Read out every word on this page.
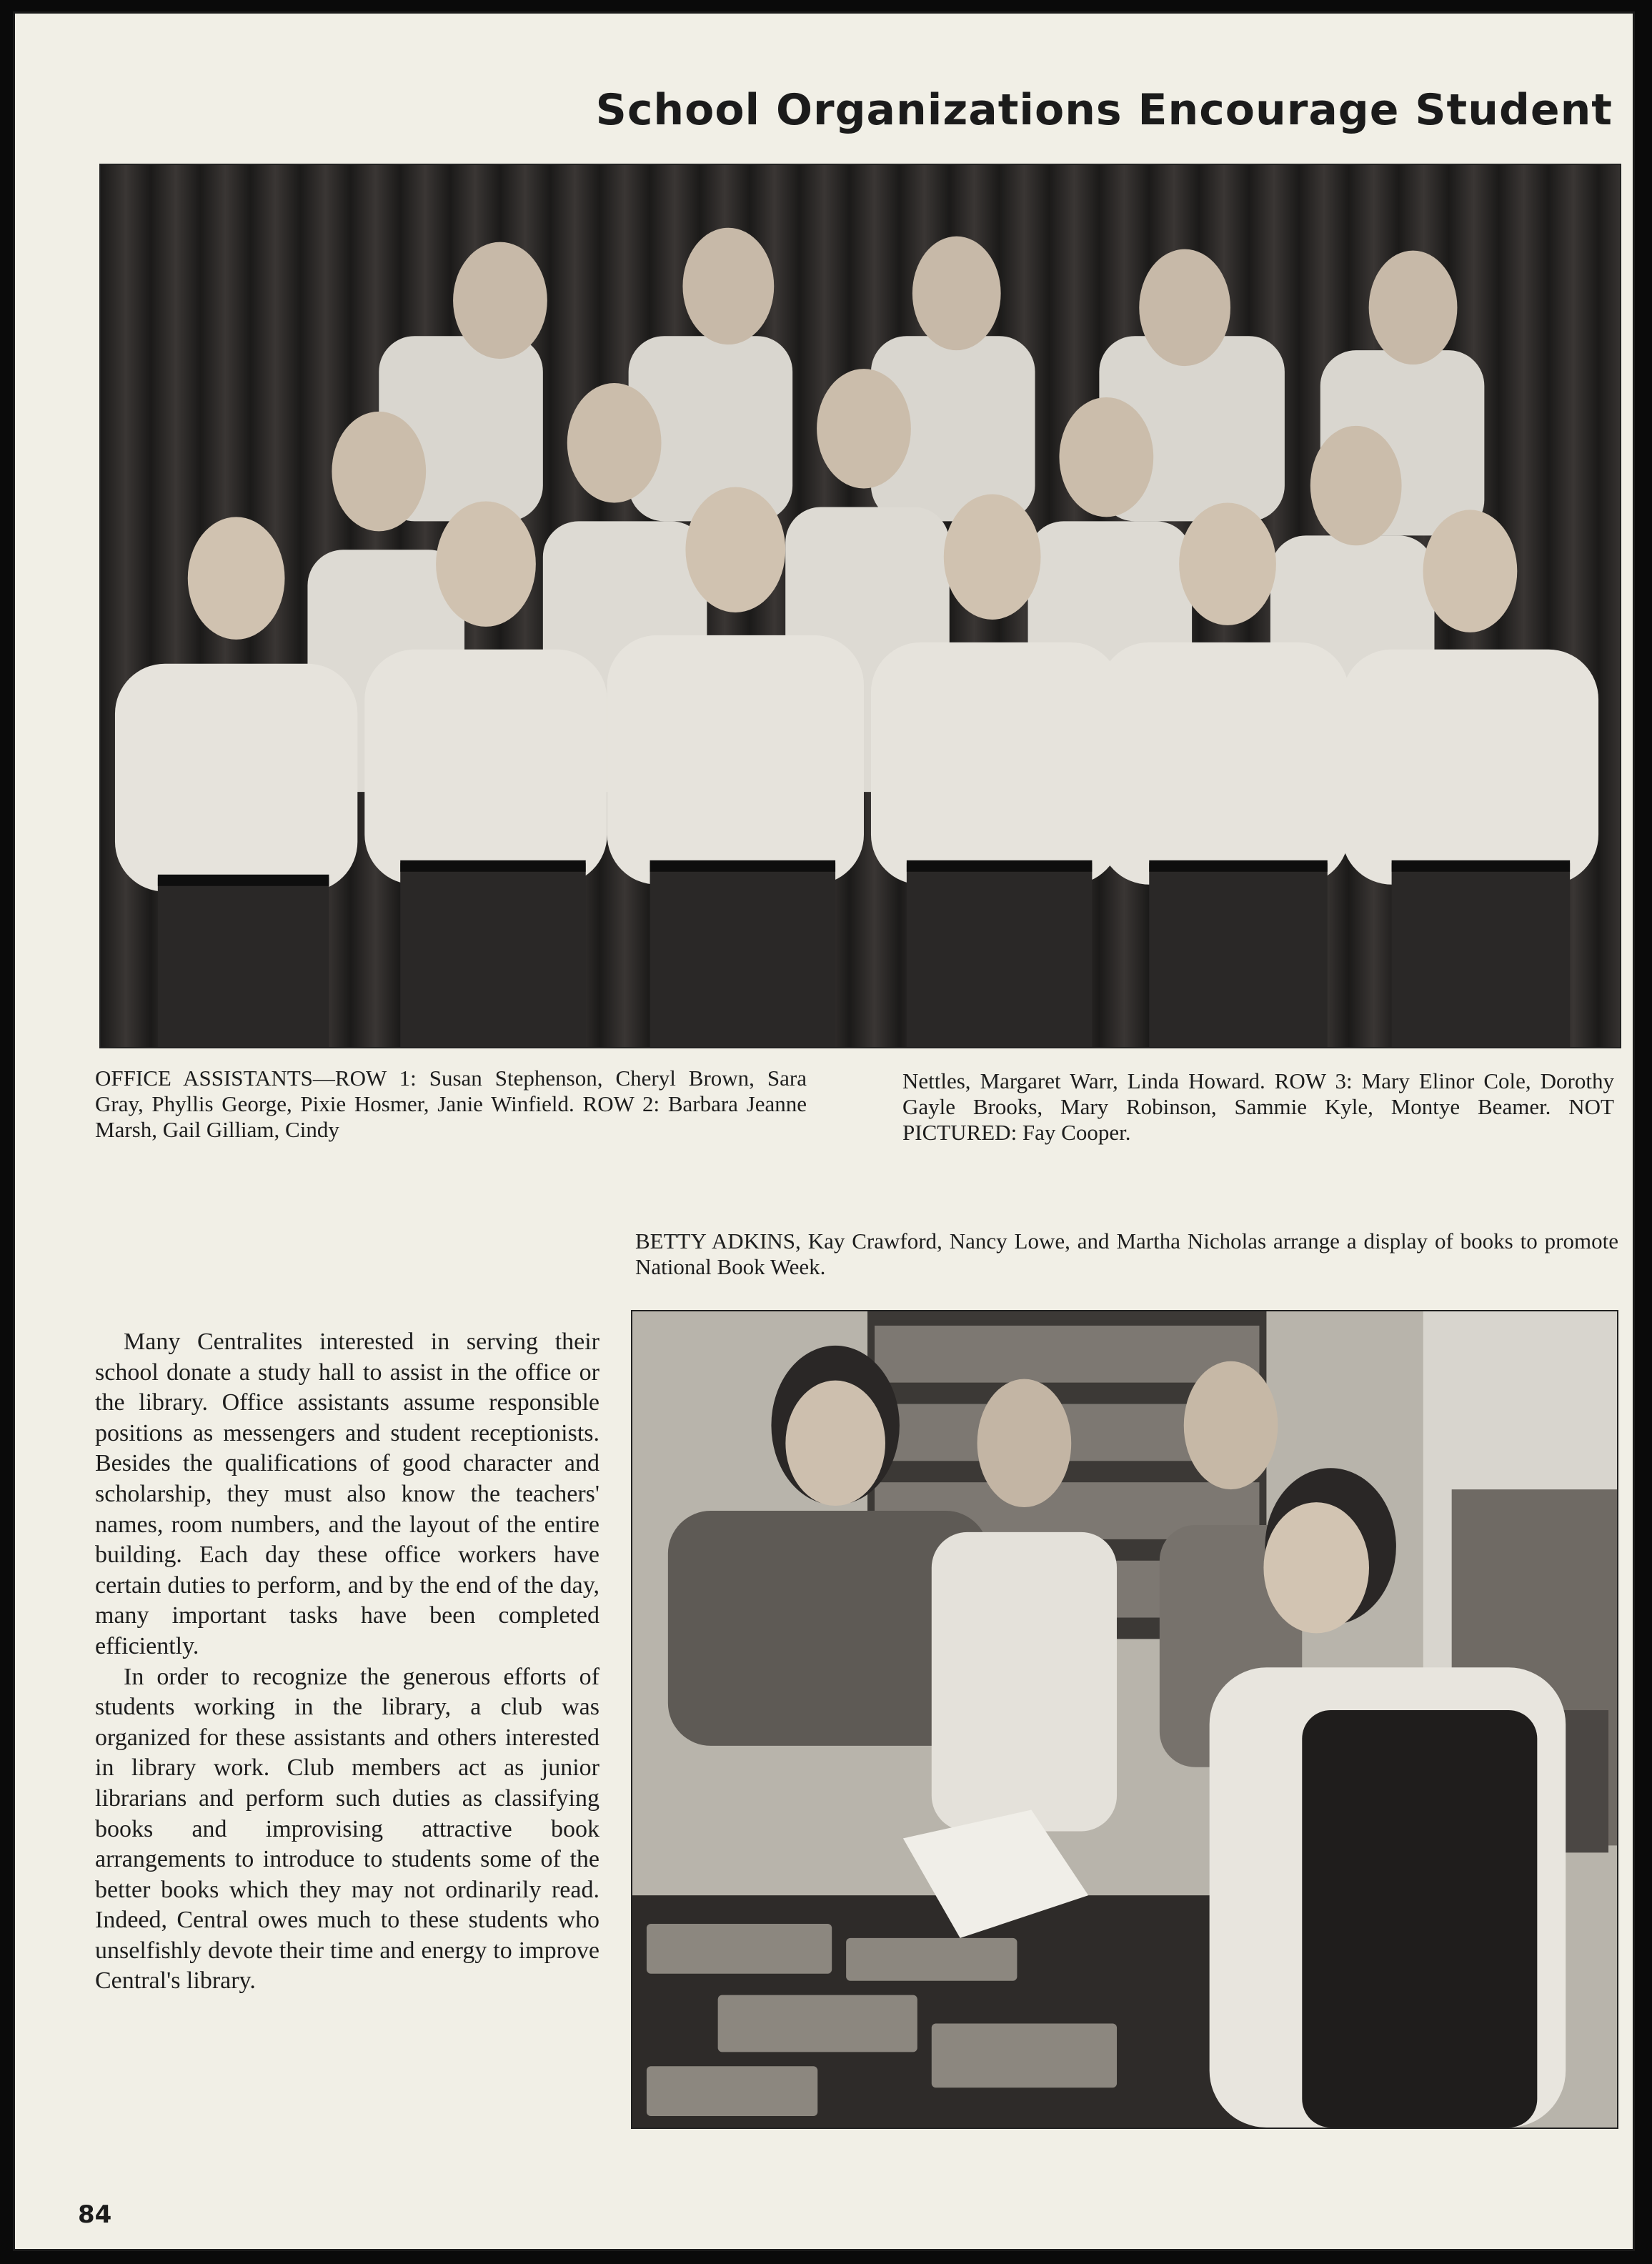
School Organizations Encourage Student
OFFICE ASSISTANTS—ROW 1: Susan Stephenson, Cheryl Brown, Sara Gray, Phyllis George, Pixie Hosmer, Janie Winfield. ROW 2: Barbara Jeanne Marsh, Gail Gilliam, Cindy
Nettles, Margaret Warr, Linda Howard. ROW 3: Mary Elinor Cole, Dorothy Gayle Brooks, Mary Robinson, Sammie Kyle, Montye Beamer. NOT PICTURED: Fay Cooper.
BETTY ADKINS, Kay Crawford, Nancy Lowe, and Martha Nicholas arrange a display of books to promote National Book Week.

Many Centralites interested in serving their school donate a study hall to assist in the office or the library. Office assistants assume responsible positions as messengers and student receptionists. Besides the qualifications of good character and scholarship, they must also know the teachers' names, room numbers, and the layout of the entire building. Each day these office workers have certain duties to perform, and by the end of the day, many important tasks have been completed efficiently.

In order to recognize the generous efforts of students working in the library, a club was organized for these assistants and others interested in library work. Club members act as junior librarians and perform such duties as classifying books and improvising attractive book arrangements to introduce to students some of the better books which they may not ordinarily read. Indeed, Central owes much to these students who unselfishly devote their time and energy to improve Central's library.

84
